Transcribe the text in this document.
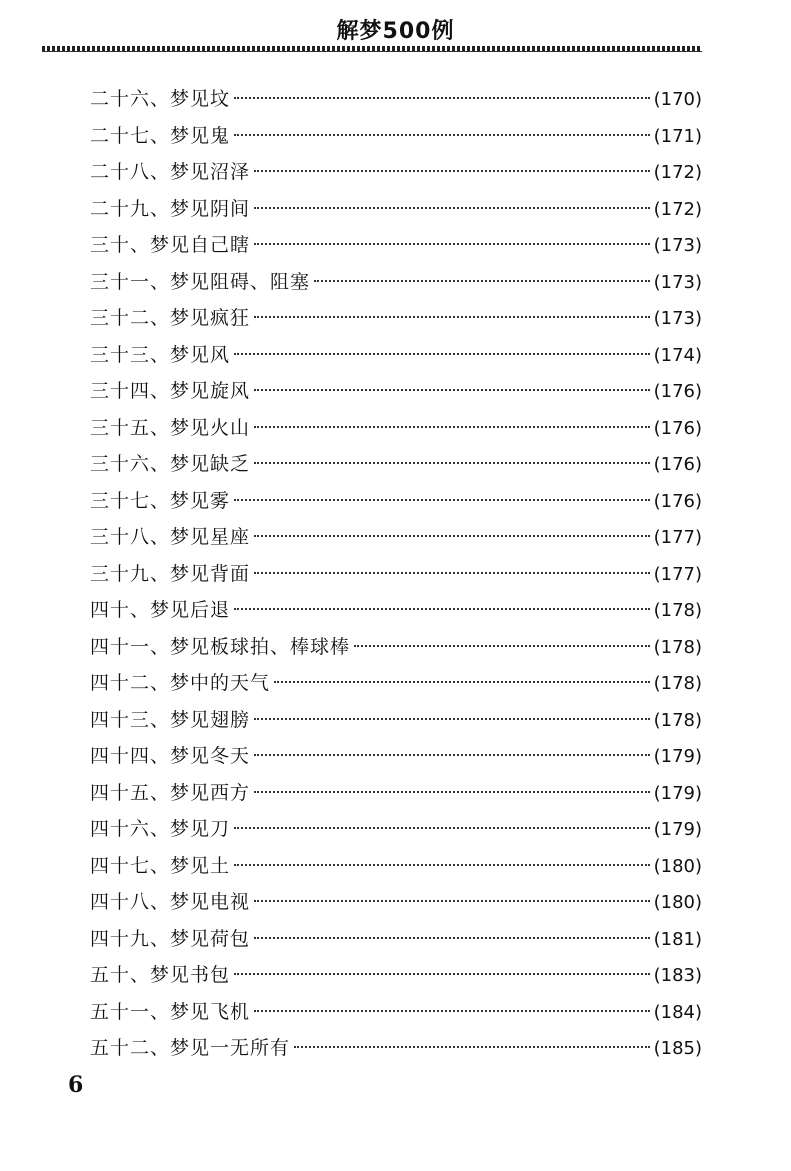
解梦500例
二十六、梦见坟	(170)
二十七、梦见鬼	(171)
二十八、梦见沼泽	(172)
二十九、梦见阴间	(172)
三十、梦见自己瞎	(173)
三十一、梦见阻碍、阻塞	(173)
三十二、梦见疯狂	(173)
三十三、梦见风	(174)
三十四、梦见旋风	(176)
三十五、梦见火山	(176)
三十六、梦见缺乏	(176)
三十七、梦见雾	(176)
三十八、梦见星座	(177)
三十九、梦见背面	(177)
四十、梦见后退	(178)
四十一、梦见板球拍、棒球棒	(178)
四十二、梦中的天气	(178)
四十三、梦见翅膀	(178)
四十四、梦见冬天	(179)
四十五、梦见西方	(179)
四十六、梦见刀	(179)
四十七、梦见土	(180)
四十八、梦见电视	(180)
四十九、梦见荷包	(181)
五十、梦见书包	(183)
五十一、梦见飞机	(184)
五十二、梦见一无所有	(185)
6
